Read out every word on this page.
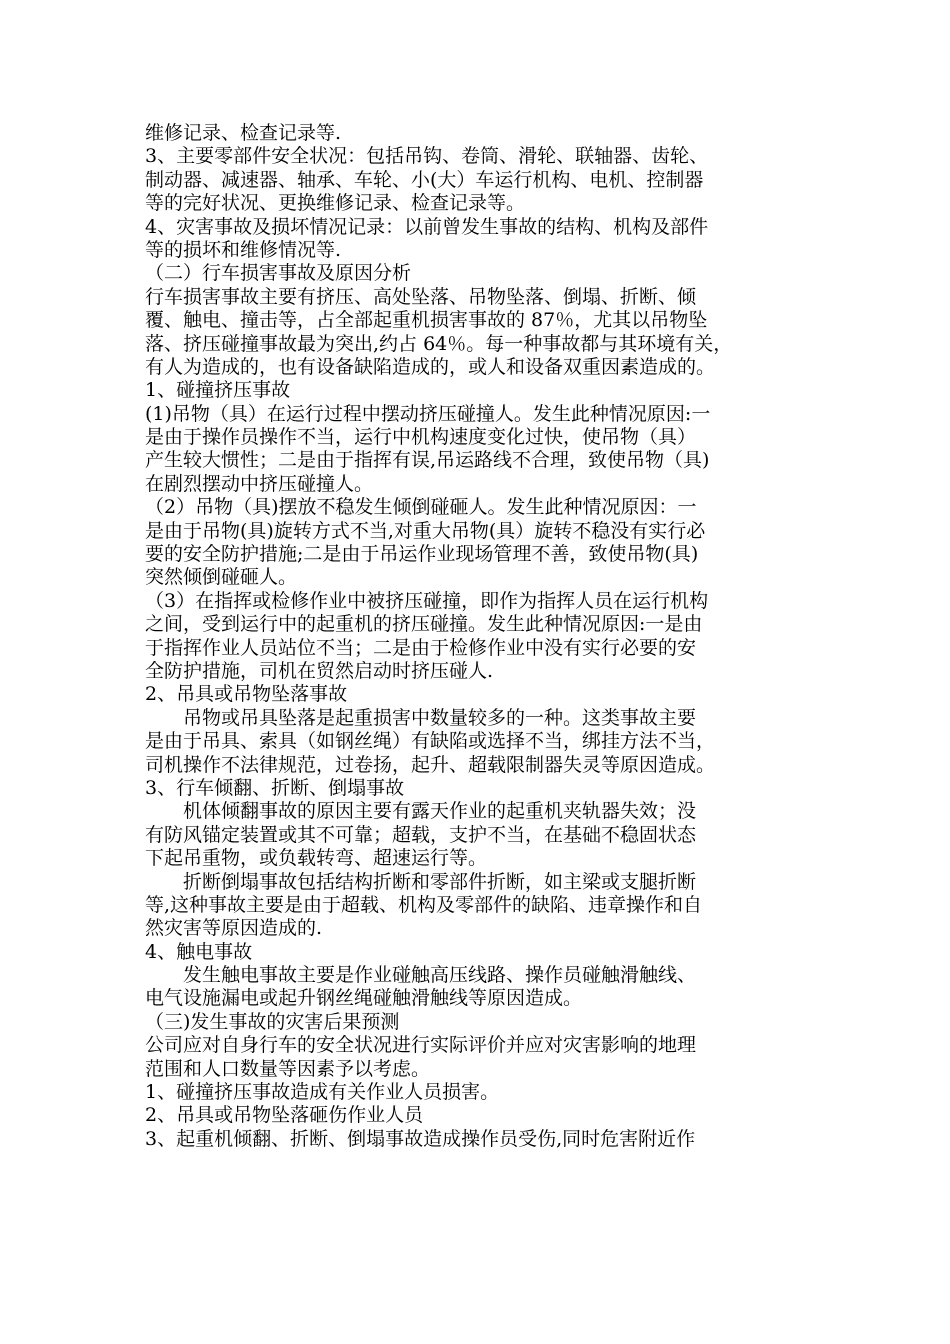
维修记录、检查记录等.
3、主要零部件安全状况：包括吊钩、卷筒、滑轮、联轴器、齿轮、
制动器、减速器、轴承、车轮、小(大）车运行机构、电机、控制器
等的完好状况、更换维修记录、检查记录等。
4、灾害事故及损坏情况记录：以前曾发生事故的结构、机构及部件
等的损坏和维修情况等.
（二）行车损害事故及原因分析
行车损害事故主要有挤压、高处坠落、吊物坠落、倒塌、折断、倾
覆、触电、撞击等，占全部起重机损害事故的 87％，尤其以吊物坠
落、挤压碰撞事故最为突出,约占 64％。每一种事故都与其环境有关，
有人为造成的，也有设备缺陷造成的，或人和设备双重因素造成的。
1、碰撞挤压事故
(1)吊物（具）在运行过程中摆动挤压碰撞人。发生此种情况原因:一
是由于操作员操作不当，运行中机构速度变化过快，使吊物（具）
产生较大惯性；二是由于指挥有误,吊运路线不合理，致使吊物（具)
在剧烈摆动中挤压碰撞人。
（2）吊物（具)摆放不稳发生倾倒碰砸人。发生此种情况原因：一
是由于吊物(具)旋转方式不当,对重大吊物(具）旋转不稳没有实行必
要的安全防护措施;二是由于吊运作业现场管理不善，致使吊物(具)
突然倾倒碰砸人。
（3）在指挥或检修作业中被挤压碰撞，即作为指挥人员在运行机构
之间，受到运行中的起重机的挤压碰撞。发生此种情况原因:一是由
于指挥作业人员站位不当；二是由于检修作业中没有实行必要的安
全防护措施，司机在贸然启动时挤压碰人.
2、吊具或吊物坠落事故
吊物或吊具坠落是起重损害中数量较多的一种。这类事故主要
是由于吊具、索具（如钢丝绳）有缺陷或选择不当，绑挂方法不当，
司机操作不法律规范，过卷扬，起升、超载限制器失灵等原因造成。
3、行车倾翻、折断、倒塌事故
机体倾翻事故的原因主要有露天作业的起重机夹轨器失效；没
有防风锚定装置或其不可靠；超载，支护不当，在基础不稳固状态
下起吊重物，或负载转弯、超速运行等。
折断倒塌事故包括结构折断和零部件折断，如主梁或支腿折断
等,这种事故主要是由于超载、机构及零部件的缺陷、违章操作和自
然灾害等原因造成的.
4、触电事故
发生触电事故主要是作业碰触高压线路、操作员碰触滑触线、
电气设施漏电或起升钢丝绳碰触滑触线等原因造成。
（三)发生事故的灾害后果预测
公司应对自身行车的安全状况进行实际评价并应对灾害影响的地理
范围和人口数量等因素予以考虑。
1、碰撞挤压事故造成有关作业人员损害。
2、吊具或吊物坠落砸伤作业人员
3、起重机倾翻、折断、倒塌事故造成操作员受伤,同时危害附近作
